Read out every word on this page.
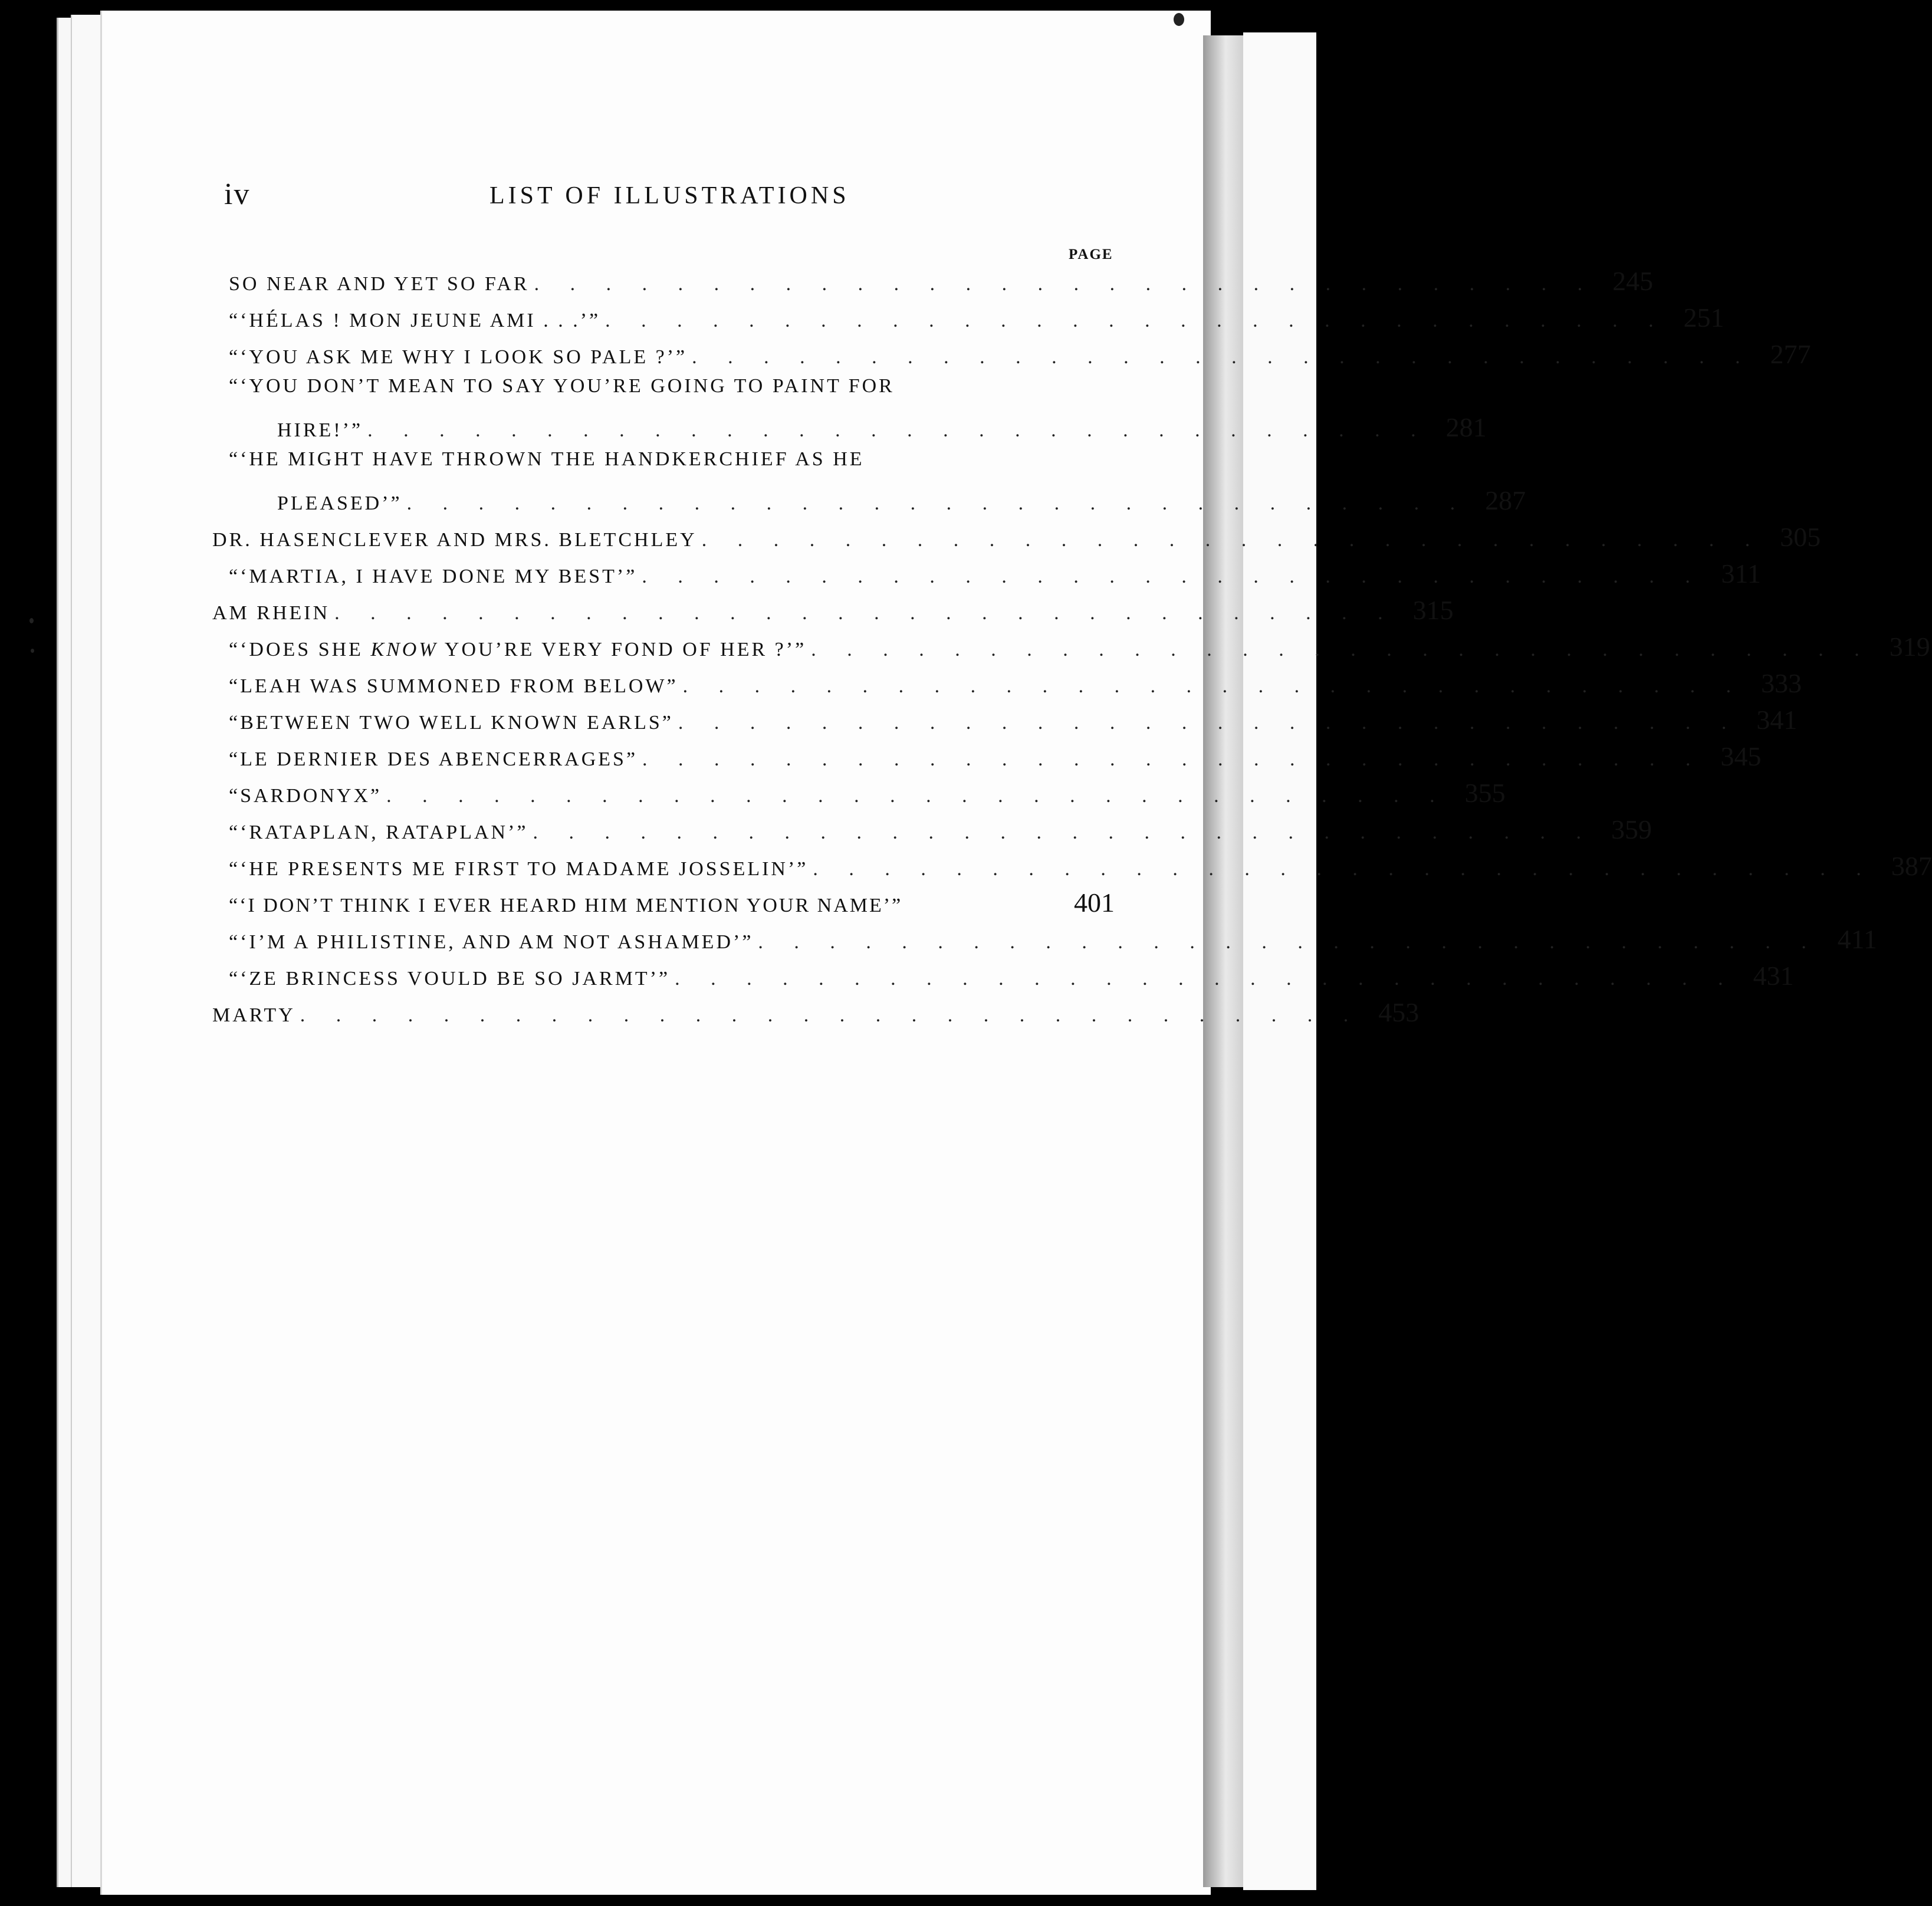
iv	LIST OF ILLUSTRATIONS
PAGE
SO NEAR AND YET SO FAR . . . . . . . . . . . . . . . . . . . . . . . . . . . . . . 245
“‘HÉLAS ! MON JEUNE AMI . . .’” . . . . . . . . . . . . . . . . . . . . . . . . . . . . . . 251
“‘YOU ASK ME WHY I LOOK SO PALE ?’” . . . . . . . . . . . . . . . . . . . . . . . . . . . . . . 277
“‘YOU DON’T MEAN TO SAY YOU’RE GOING TO PAINT FOR
HIRE!’” . . . . . . . . . . . . . . . . . . . . . . . . . . . . . . 281
“‘HE MIGHT HAVE THROWN THE HANDKERCHIEF AS HE
PLEASED’” . . . . . . . . . . . . . . . . . . . . . . . . . . . . . . 287
DR. HASENCLEVER AND MRS. BLETCHLEY . . . . . . . . . . . . . . . . . . . . . . . . . . . . . . 305
“‘MARTIA, I HAVE DONE MY BEST’” . . . . . . . . . . . . . . . . . . . . . . . . . . . . . . 311
AM RHEIN . . . . . . . . . . . . . . . . . . . . . . . . . . . . . . 315
“‘DOES SHE KNOW YOU’RE VERY FOND OF HER ?’” . . . . . . . . . . . . . . . . . . . . . . . . . . . . . . 319
“LEAH WAS SUMMONED FROM BELOW” . . . . . . . . . . . . . . . . . . . . . . . . . . . . . . 333
“BETWEEN TWO WELL KNOWN EARLS” . . . . . . . . . . . . . . . . . . . . . . . . . . . . . . 341
“LE DERNIER DES ABENCERRAGES” . . . . . . . . . . . . . . . . . . . . . . . . . . . . . . 345
“SARDONYX” . . . . . . . . . . . . . . . . . . . . . . . . . . . . . . 355
“‘RATAPLAN, RATAPLAN’” . . . . . . . . . . . . . . . . . . . . . . . . . . . . . . 359
“‘HE PRESENTS ME FIRST TO MADAME JOSSELIN’” . . . . . . . . . . . . . . . . . . . . . . . . . . . . . . 387
“‘I DON’T THINK I EVER HEARD HIM MENTION YOUR NAME’”	401
“‘I’M A PHILISTINE, AND AM NOT ASHAMED’” . . . . . . . . . . . . . . . . . . . . . . . . . . . . . . 411
“‘ZE BRINCESS VOULD BE SO JARMT’” . . . . . . . . . . . . . . . . . . . . . . . . . . . . . . 431
MARTY . . . . . . . . . . . . . . . . . . . . . . . . . . . . . . 453
